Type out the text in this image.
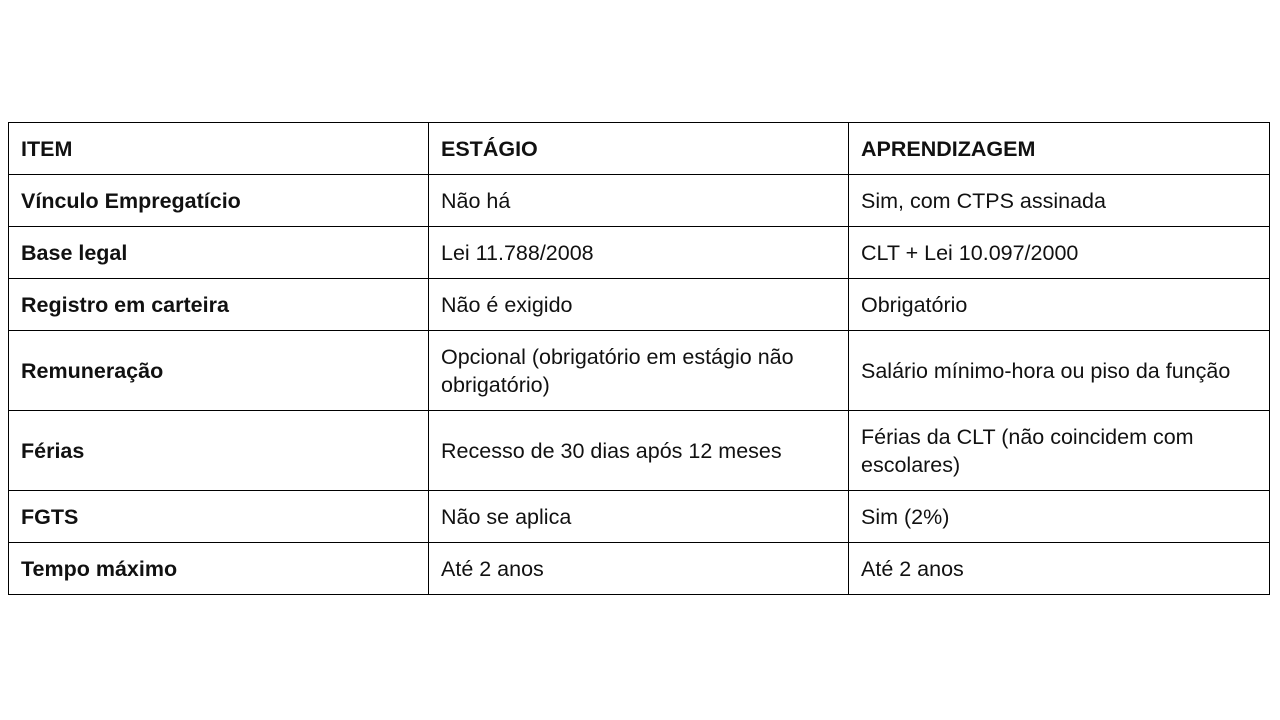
ITEM	ESTÁGIO	APRENDIZAGEM
Vínculo Empregatício	Não há	Sim, com CTPS assinada
Base legal	Lei 11.788/2008	CLT + Lei 10.097/2000
Registro em carteira	Não é exigido	Obrigatório
Remuneração	Opcional (obrigatório em estágio não obrigatório)	Salário mínimo-hora ou piso da função
Férias	Recesso de 30 dias após 12 meses	Férias da CLT (não coincidem com escolares)
FGTS	Não se aplica	Sim (2%)
Tempo máximo	Até 2 anos	Até 2 anos
